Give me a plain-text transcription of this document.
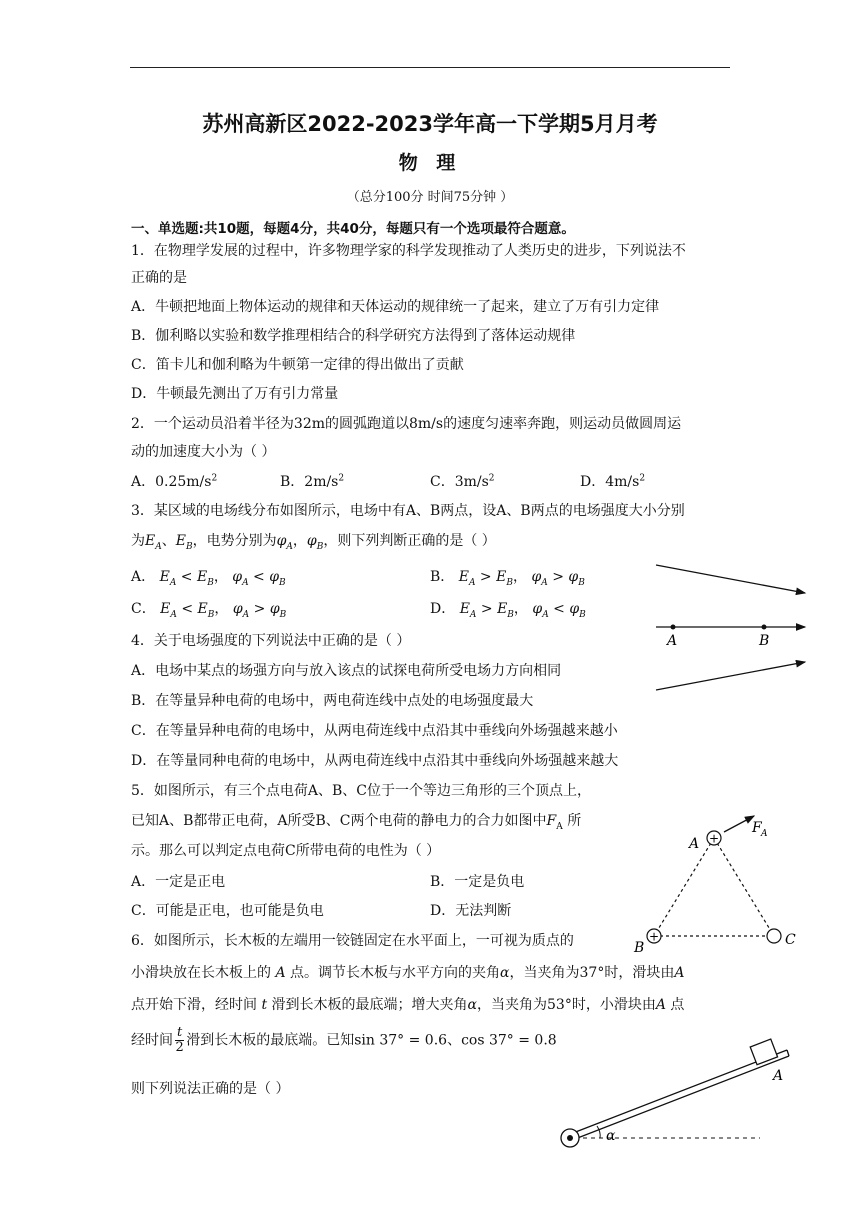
苏州高新区2022-2023学年高一下学期5月月考
物 理
（总分100分 时间75分钟 ）
一、单选题:共10题，每题4分，共40分，每题只有一个选项最符合题意。
1．在物理学发展的过程中，许多物理学家的科学发现推动了人类历史的进步，下列说法不
正确的是
A．牛顿把地面上物体运动的规律和天体运动的规律统一了起来，建立了万有引力定律
B．伽利略以实验和数学推理相结合的科学研究方法得到了落体运动规律
C．笛卡儿和伽利略为牛顿第一定律的得出做出了贡献
D．牛顿最先测出了万有引力常量
2．一个运动员沿着半径为32m的圆弧跑道以8m/s的速度匀速率奔跑，则运动员做圆周运
动的加速度大小为（ ）
A．$0.25m/s^2$	B．$2m/s^2$	C．$3m/s^2$	D．$4m/s^2$
3．某区域的电场线分布如图所示，电场中有A、B两点，设A、B两点的电场强度大小分别
为$E_A$、$E_B$，电势分别为$\varphi_A$，$\varphi_B$，则下列判断正确的是（ ）
A． $E_A < E_B$， $\varphi_A < \varphi_B$	B． $E_A > E_B$， $\varphi_A > \varphi_B$
C． $E_A < E_B$， $\varphi_A > \varphi_B$	D． $E_A > E_B$， $\varphi_A < \varphi_B$
A	B
4．关于电场强度的下列说法中正确的是（ ）
A．电场中某点的场强方向与放入该点的试探电荷所受电场力方向相同
B．在等量异种电荷的电场中，两电荷连线中点处的电场强度最大
C．在等量异种电荷的电场中，从两电荷连线中点沿其中垂线向外场强越来越小
D．在等量同种电荷的电场中，从两电荷连线中点沿其中垂线向外场强越来越大
5．如图所示，有三个点电荷A、B、C位于一个等边三角形的三个顶点上，
已知A、B都带正电荷，A所受B、C两个电荷的静电力的合力如图中$F_A$ 所
示。那么可以判定点电荷C所带电荷的电性为（ ）
A．一定是正电	B．一定是负电
C．可能是正电，也可能是负电	D．无法判断
+
+
A
B	C
F A
6．如图所示，长木板的左端用一铰链固定在水平面上，一可视为质点的
小滑块放在长木板上的 A 点。调节长木板与水平方向的夹角α，当夹角为37°时，滑块由A
点开始下滑，经时间 t 滑到长木板的最底端；增大夹角α，当夹角为53°时，小滑块由A 点
经时间 $\frac{t}{2}$ 滑到长木板的最底端。已知sin 37° = 0.6、cos 37° = 0.8
则下列说法正确的是（ ）
α
A
